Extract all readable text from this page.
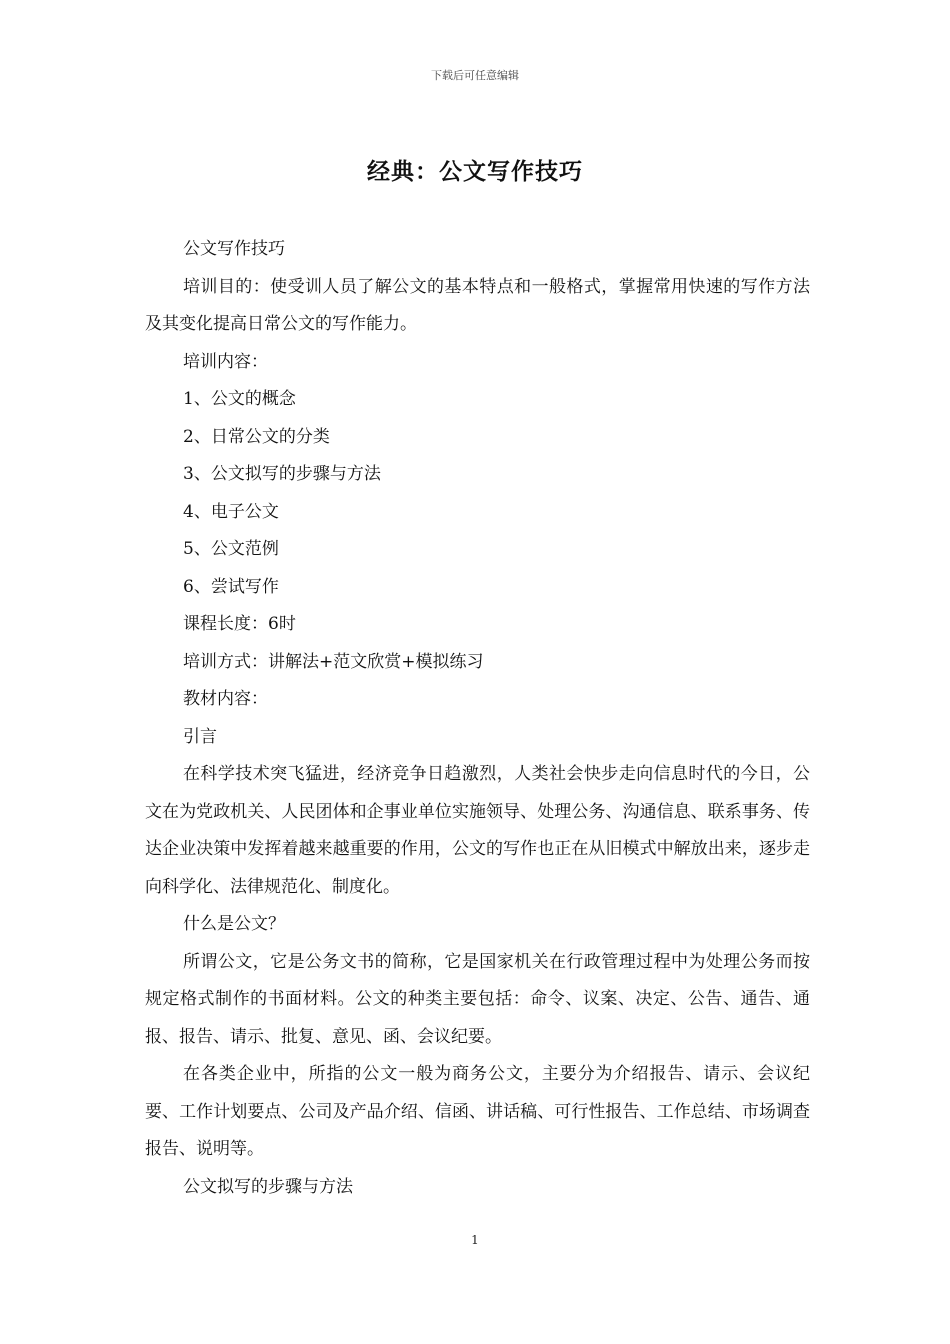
下载后可任意编辑
经典：公文写作技巧

公文写作技巧

培训目的：使受训人员了解公文的基本特点和一般格式，掌握常用快速的写作方法及其变化提高日常公文的写作能力。

培训内容：

1、公文的概念

2、日常公文的分类

3、公文拟写的步骤与方法

4、电子公文

5、公文范例

6、尝试写作

课程长度：6时

培训方式：讲解法+范文欣赏+模拟练习

教材内容：

引言

在科学技术突飞猛进，经济竞争日趋激烈，人类社会快步走向信息时代的今日，公文在为党政机关、人民团体和企事业单位实施领导、处理公务、沟通信息、联系事务、传达企业决策中发挥着越来越重要的作用，公文的写作也正在从旧模式中解放出来，逐步走向科学化、法律规范化、制度化。

什么是公文？

所谓公文，它是公务文书的简称，它是国家机关在行政管理过程中为处理公务而按规定格式制作的书面材料。公文的种类主要包括：命令、议案、决定、公告、通告、通报、报告、请示、批复、意见、函、会议纪要。

在各类企业中，所指的公文一般为商务公文，主要分为介绍报告、请示、会议纪要、工作计划要点、公司及产品介绍、信函、讲话稿、可行性报告、工作总结、市场调查报告、说明等。

公文拟写的步骤与方法

1
